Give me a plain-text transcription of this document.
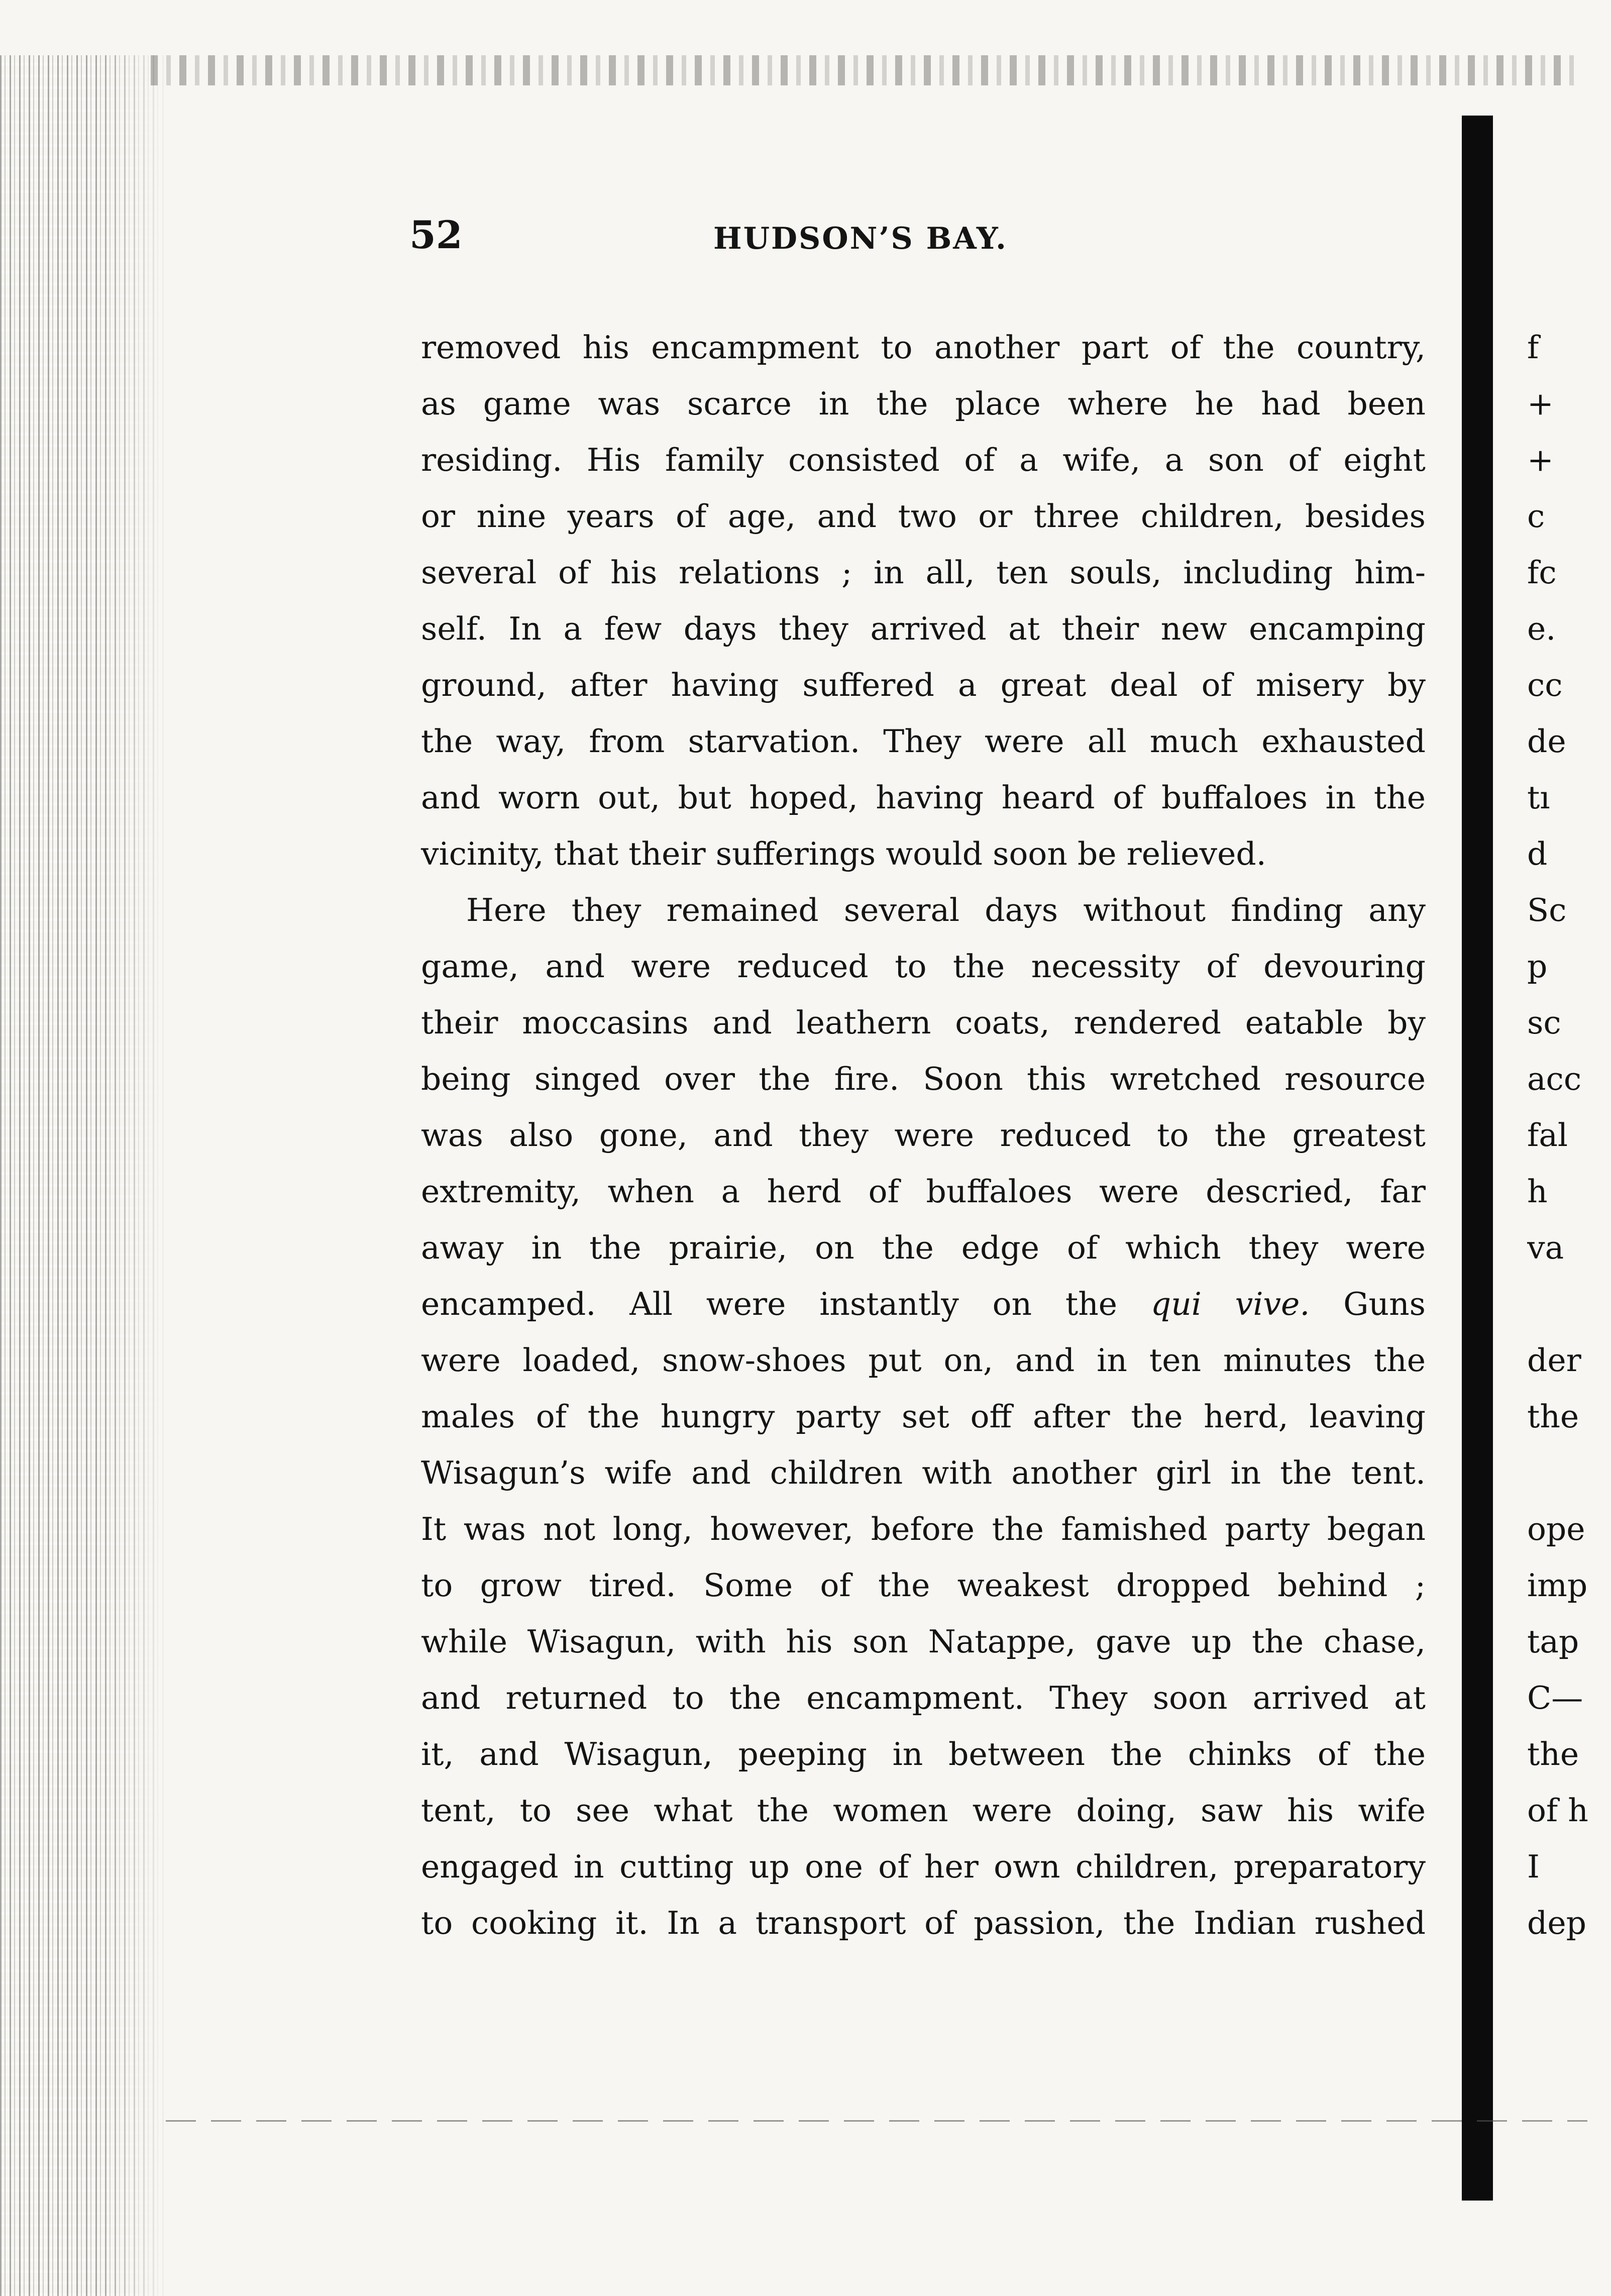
52	HUDSON’S BAY.
removed his encampment to another part of the country,
as game was scarce in the place where he had been
residing. His family consisted of a wife, a son of eight
or nine years of age, and two or three children, besides
several of his relations ; in all, ten souls, including him-
self. In a few days they arrived at their new encamping
ground, after having suffered a great deal of misery by
the way, from starvation. They were all much exhausted
and worn out, but hoped, having heard of buffaloes in the
vicinity, that their sufferings would soon be relieved.
Here they remained several days without finding any
game, and were reduced to the necessity of devouring
their moccasins and leathern coats, rendered eatable by
being singed over the fire. Soon this wretched resource
was also gone, and they were reduced to the greatest
extremity, when a herd of buffaloes were descried, far
away in the prairie, on the edge of which they were
encamped. All were instantly on the qui vive. Guns
were loaded, snow-shoes put on, and in ten minutes the
males of the hungry party set off after the herd, leaving
Wisagun’s wife and children with another girl in the tent.
It was not long, however, before the famished party began
to grow tired. Some of the weakest dropped behind ;
while Wisagun, with his son Natappe, gave up the chase,
and returned to the encampment. They soon arrived at
it, and Wisagun, peeping in between the chinks of the
tent, to see what the women were doing, saw his wife
engaged in cutting up one of her own children, preparatory
to cooking it. In a transport of passion, the Indian rushed
f
+
+
c
fc
e.
cc
de
tı
d
Sc
p
sc
acc
fal
h
va
der
the
ope
imp
tap
C—
the
of h
I
dep
